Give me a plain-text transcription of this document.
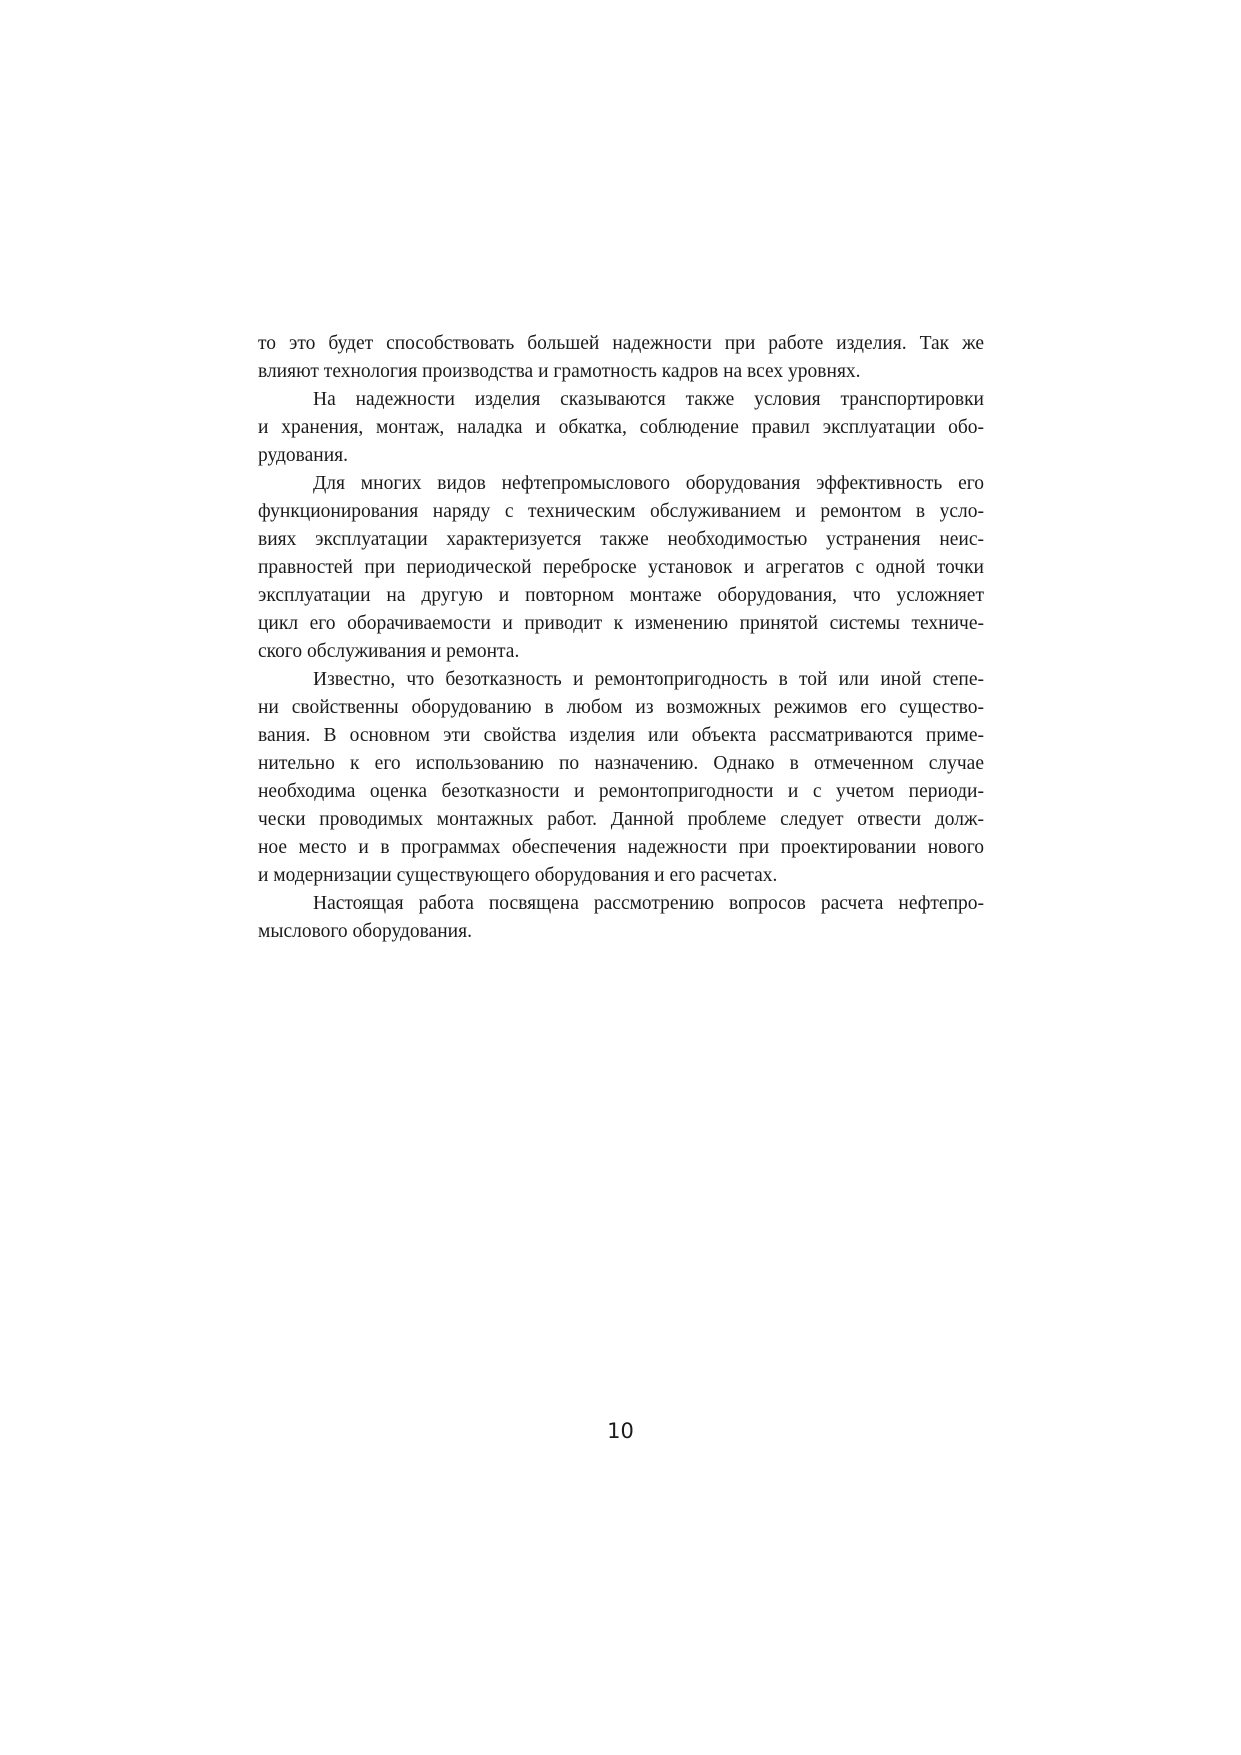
то это будет способствовать большей надежности при работе изделия. Так же
влияют технология производства и грамотность кадров на всех уровнях.
На надежности изделия сказываются также условия транспортировки
и хранения, монтаж, наладка и обкатка, соблюдение правил эксплуатации обо-
рудования.
Для многих видов нефтепромыслового оборудования эффективность его
функционирования наряду с техническим обслуживанием и ремонтом в усло-
виях эксплуатации характеризуется также необходимостью устранения неис-
правностей при периодической переброске установок и агрегатов с одной точки
эксплуатации на другую и повторном монтаже оборудования, что усложняет
цикл его оборачиваемости и приводит к изменению принятой системы техниче-
ского обслуживания и ремонта.
Известно, что безотказность и ремонтопригодность в той или иной степе-
ни свойственны оборудованию в любом из возможных режимов его существо-
вания. В основном эти свойства изделия или объекта рассматриваются приме-
нительно к его использованию по назначению. Однако в отмеченном случае
необходима оценка безотказности и ремонтопригодности и с учетом периоди-
чески проводимых монтажных работ. Данной проблеме следует отвести долж-
ное место и в программах обеспечения надежности при проектировании нового
и модернизации существующего оборудования и его расчетах.
Настоящая работа посвящена рассмотрению вопросов расчета нефтепро-
мыслового оборудования.
10
